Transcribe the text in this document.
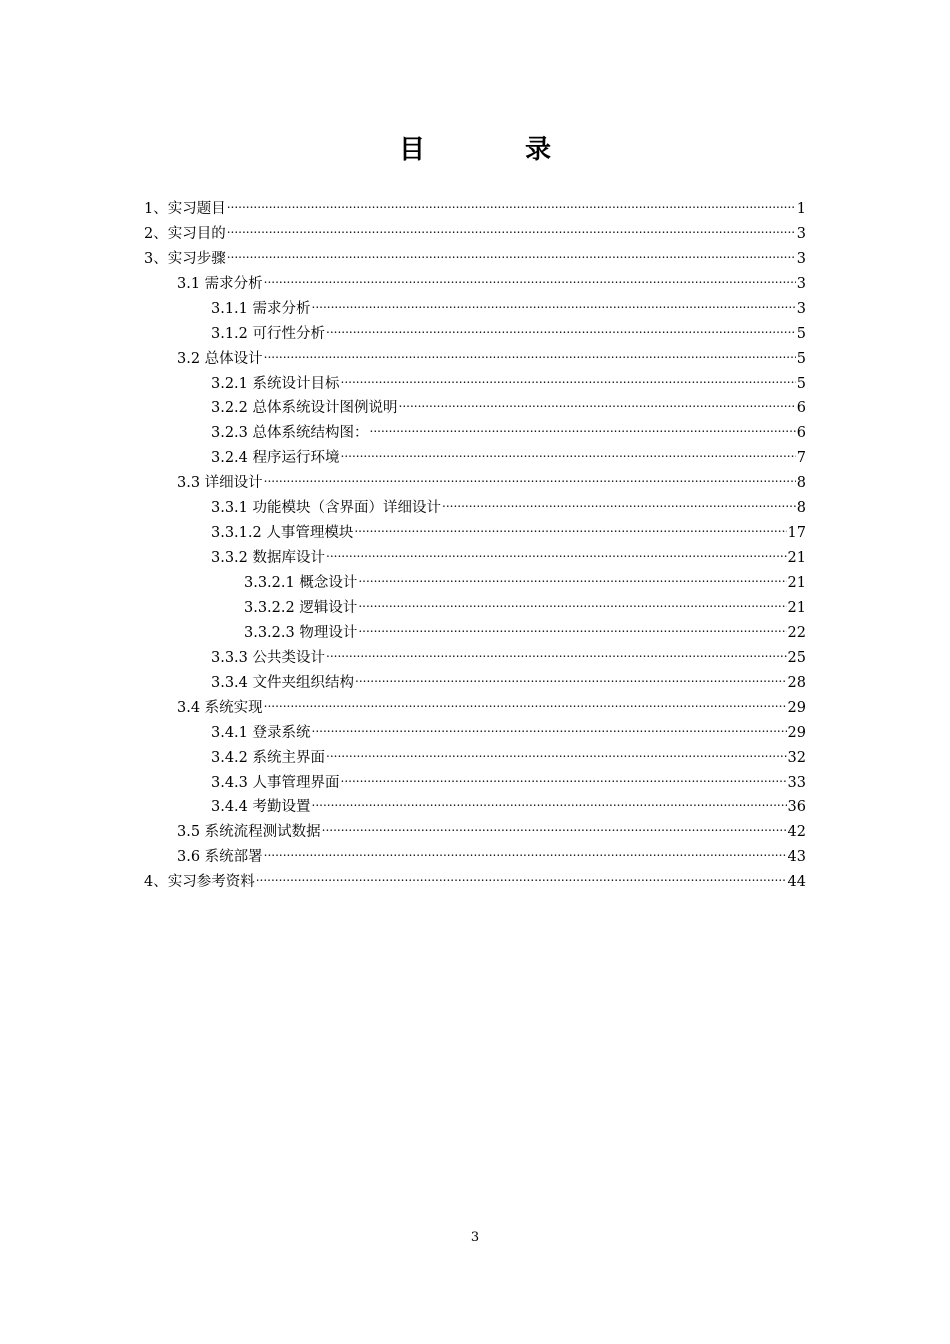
目录
1、实习题目 .....	1
2、实习目的 .....	3
3、实习步骤 .....	3
3.1 需求分析 .....	3
3.1.1 需求分析 .....	3
3.1.2 可行性分析 .....	5
3.2 总体设计 .....	5
3.2.1 系统设计目标 .....	5
3.2.2 总体系统设计图例说明 .....	6
3.2.3 总体系统结构图： .....	6
3.2.4 程序运行环境 .....	7
3.3 详细设计 .....	8
3.3.1 功能模块（含界面）详细设计 .....	8
3.3.1.2 人事管理模块 .....	17
3.3.2 数据库设计 .....	21
3.3.2.1 概念设计 .....	21
3.3.2.2 逻辑设计 .....	21
3.3.2.3 物理设计 .....	22
3.3.3 公共类设计 .....	25
3.3.4 文件夹组织结构 .....	28
3.4 系统实现 .....	29
3.4.1 登录系统 .....	29
3.4.2 系统主界面 .....	32
3.4.3 人事管理界面 .....	33
3.4.4 考勤设置 .....	36
3.5 系统流程测试数据 .....	42
3.6 系统部署 .....	43
4、实习参考资料 .....	44
3
